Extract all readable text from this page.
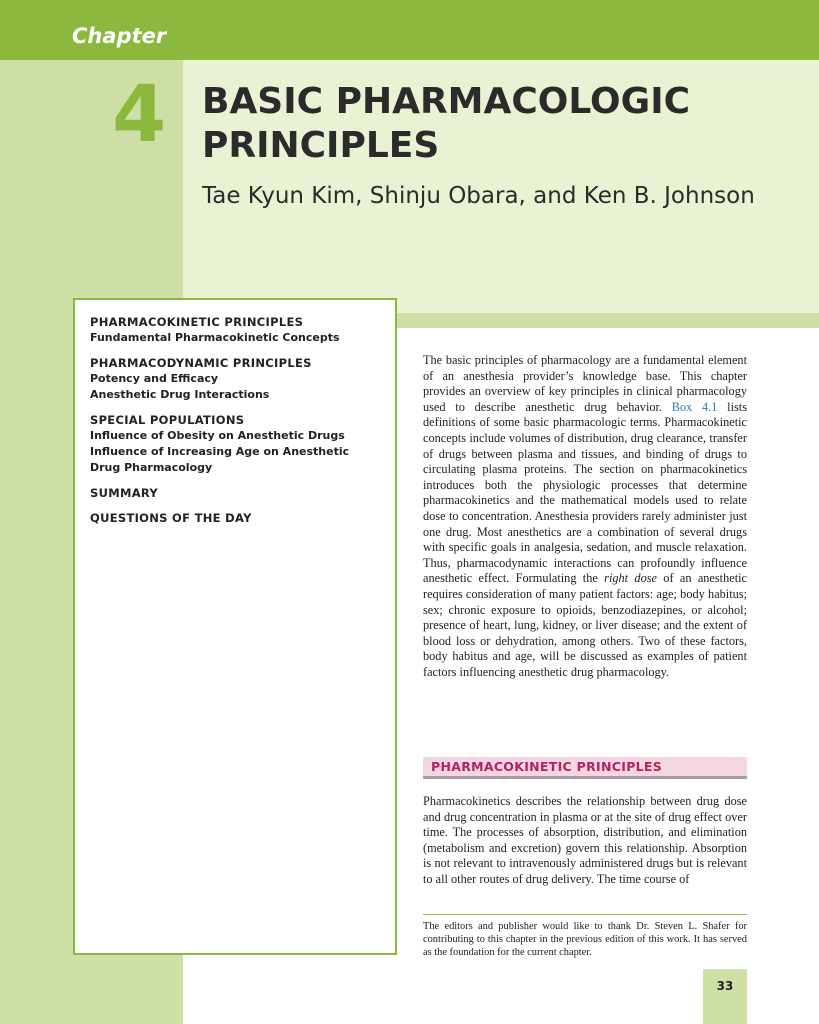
Chapter
4 BASIC PHARMACOLOGIC
PRINCIPLES
Tae Kyun Kim, Shinju Obara, and Ken B. Johnson
PHARMACOKINETIC PRINCIPLES
Fundamental Pharmacokinetic Concepts
PHARMACODYNAMIC PRINCIPLES
Potency and Efficacy
Anesthetic Drug Interactions
SPECIAL POPULATIONS
Influence of Obesity on Anesthetic Drugs
Influence of Increasing Age on Anesthetic Drug Pharmacology
SUMMARY
QUESTIONS OF THE DAY
The basic principles of pharmacology are a fundamental element of an anesthesia provider’s knowledge base. This chapter provides an overview of key principles in clinical pharmacology used to describe anesthetic drug behavior. Box 4.1 lists definitions of some basic pharmacologic terms. Pharmacokinetic concepts include volumes of distribution, drug clearance, transfer of drugs between plasma and tissues, and binding of drugs to circulating plasma proteins. The section on pharmacokinetics introduces both the physiologic processes that determine pharmacokinetics and the mathematical models used to relate dose to concentration. Anesthesia providers rarely administer just one drug. Most anesthetics are a combination of several drugs with specific goals in analgesia, sedation, and muscle relaxation. Thus, pharmacodynamic interactions can profoundly influence anesthetic effect. Formulating the right dose of an anesthetic requires consideration of many patient factors: age; body habitus; sex; chronic exposure to opioids, benzodiazepines, or alcohol; presence of heart, lung, kidney, or liver disease; and the extent of blood loss or dehydration, among others. Two of these factors, body habitus and age, will be discussed as examples of patient factors influencing anesthetic drug pharmacology.
PHARMACOKINETIC PRINCIPLES
Pharmacokinetics describes the relationship between drug dose and drug concentration in plasma or at the site of drug effect over time. The processes of absorption, distribution, and elimination (metabolism and excretion) govern this relationship. Absorption is not relevant to intravenously administered drugs but is relevant to all other routes of drug delivery. The time course of
The editors and publisher would like to thank Dr. Steven L. Shafer for contributing to this chapter in the previous edition of this work. It has served as the foundation for the current chapter.
33
